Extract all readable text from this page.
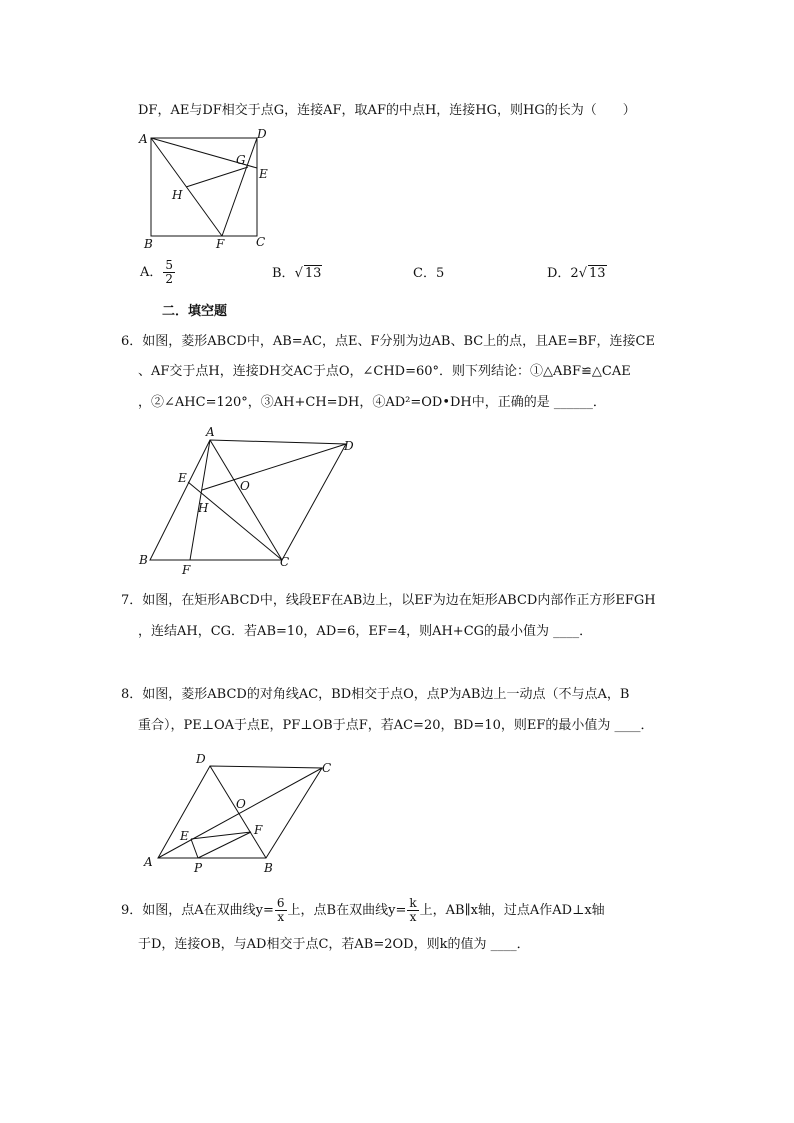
DF，AE与DF相交于点G，连接AF，取AF的中点H，连接HG，则HG的长为（　　）
A	D
G
E
H
B	F	C
A． $\frac{5}{2}$	B．√ 13	C．5	D．2√ 13
二．填空题
6．如图，菱形ABCD中，AB=AC，点E、F分别为边AB、BC上的点，且AE=BF，连接CE
、AF交于点H，连接DH交AC于点O，∠CHD=60°．则下列结论：①△ABF≌△CAE
，②∠AHC=120°，③AH+CH=DH，④AD²=OD•DH中，正确的是 ______．
A
D
E
O
H
B
F
C
7．如图，在矩形ABCD中，线段EF在AB边上，以EF为边在矩形ABCD内部作正方形EFGH
，连结AH，CG．若AB=10，AD=6，EF=4，则AH+CG的最小值为 ____．
8．如图，菱形ABCD的对角线AC，BD相交于点O，点P为AB边上一动点（不与点A，B
重合），PE⊥OA于点E，PF⊥OB于点F，若AC=20，BD=10，则EF的最小值为 ____．
D
C
O
E	F
A	P	B
9．如图，点A在双曲线$y= \frac{6}{x}$ 上，点B在双曲线$y= \frac{k}{x}$ 上，AB∥x轴，过点A作AD⊥x轴
于D，连接OB，与AD相交于点C，若AB=2OD，则k的值为 ____．
